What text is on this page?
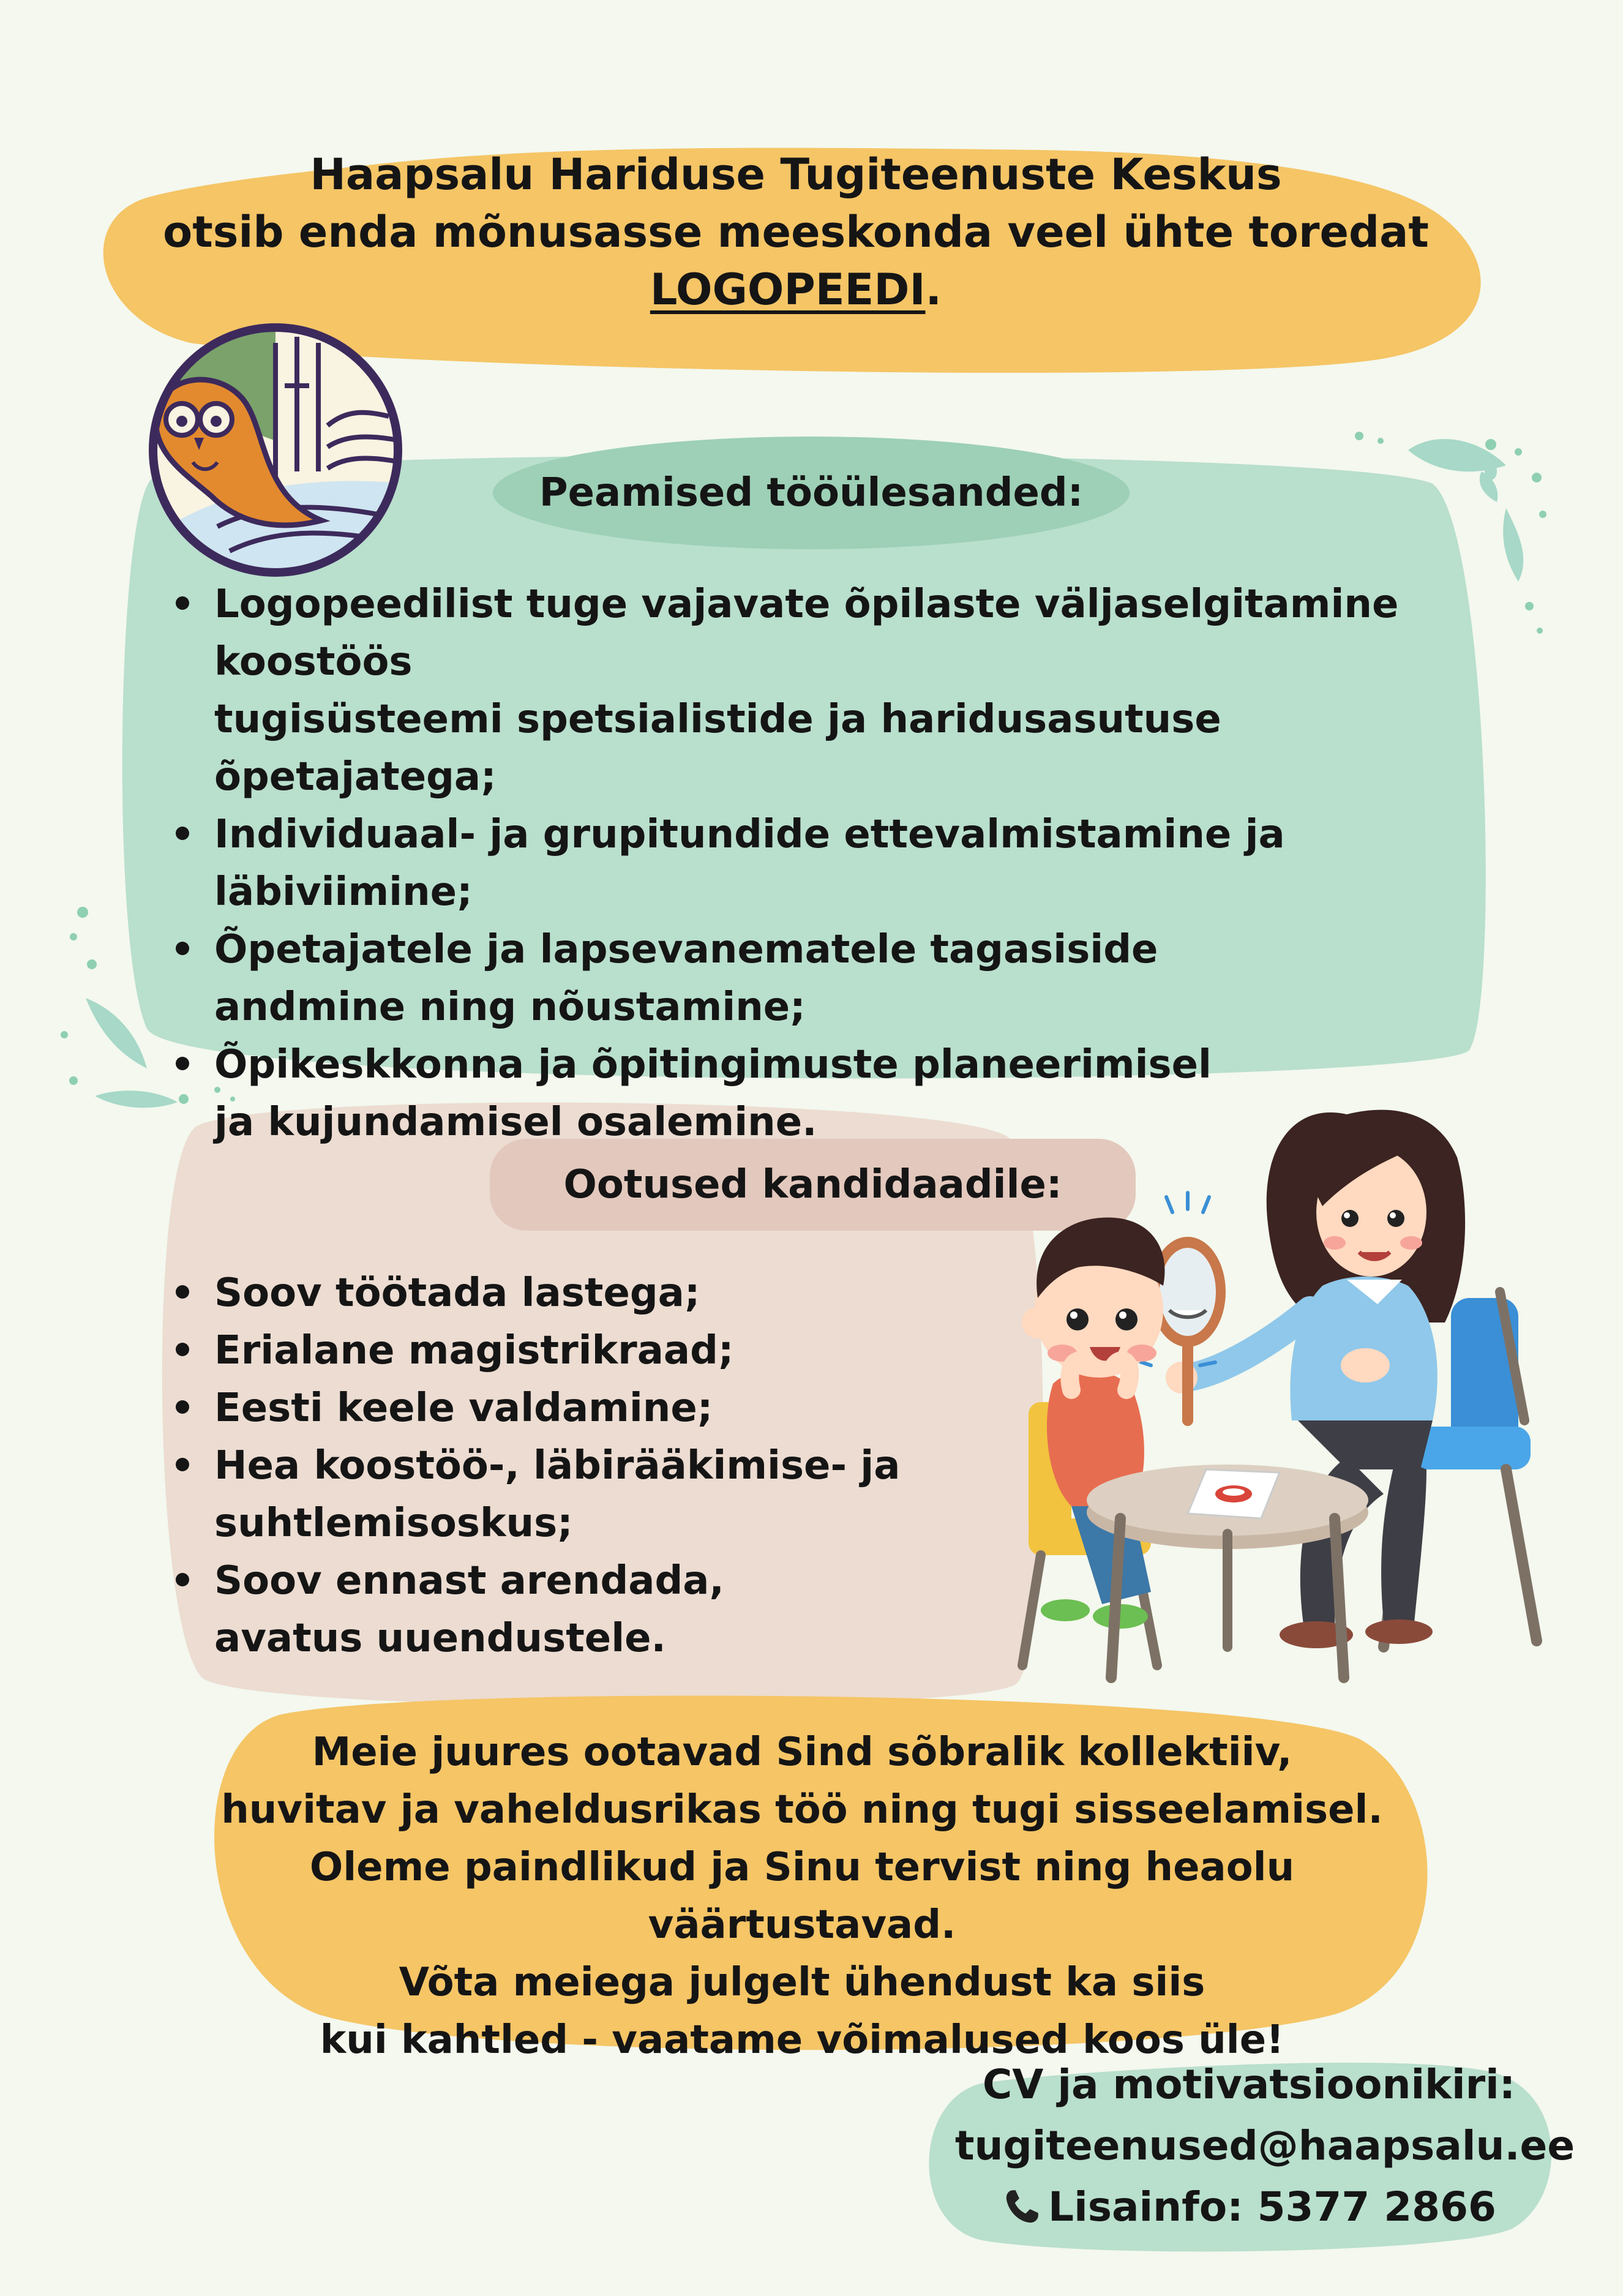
Haapsalu Hariduse Tugiteenuste Keskus
otsib enda mõnusasse meeskonda veel ühte toredat
LOGOPEEDI.
Peamised tööülesanded:
Logopeedilist tuge vajavate õpilaste väljaselgitamine koostöös
tugisüsteemi spetsialistide ja haridusasutuse õpetajatega;
Individuaal- ja grupitundide ettevalmistamine ja läbiviimine;
Õpetajatele ja lapsevanematele tagasiside
andmine ning nõustamine;
Õpikeskkonna ja õpitingimuste planeerimisel
ja kujundamisel osalemine.
Ootused kandidaadile:
Soov töötada lastega;
Erialane magistrikraad;
Eesti keele valdamine;
Hea koostöö-, läbirääkimise- ja
suhtlemisoskus;
Soov ennast arendada,
avatus uuendustele.
Meie juures ootavad Sind sõbralik kollektiiv,
huvitav ja vaheldusrikas töö ning tugi sisseelamisel.
Oleme paindlikud ja Sinu tervist ning heaolu väärtustavad.
Võta meiega julgelt ühendust ka siis
kui kahtled - vaatame võimalused koos üle!
CV ja motivatsioonikiri:
tugiteenused@haapsalu.ee
Lisainfo: 5377 2866
